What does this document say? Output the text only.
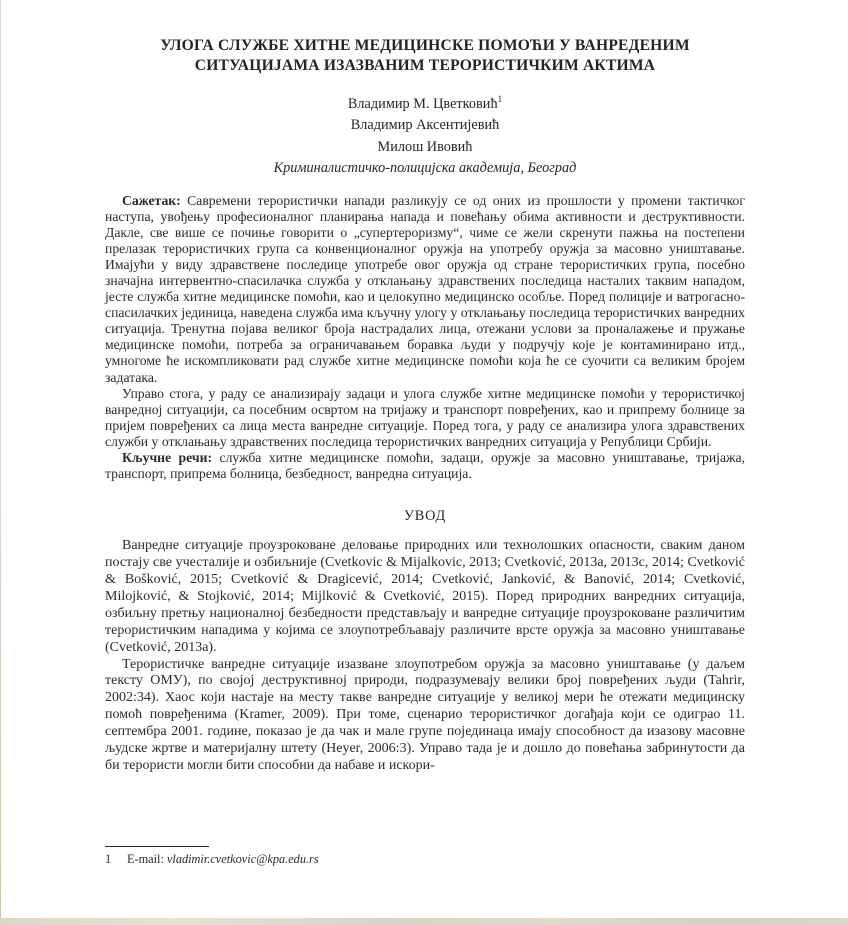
УЛОГА СЛУЖБЕ ХИТНЕ МЕДИЦИНСКЕ ПОМОЋИ У ВАНРЕДЕНИМ
СИТУАЦИЈАМА ИЗАЗВАНИМ ТЕРОРИСТИЧКИМ АКТИМА
Владимир М. Цветковић$^1$
Владимир Аксентијевић
Милош Ивовић
Криминалистичко-полицијска академија, Београд

Сажетак: Савремени терористички напади разликују се од оних из прошлости у промени тактичког наступа, увођењу професионалног планирања напада и повећању обима активности и деструктивности. Дакле, све више се почиње говорити о „супертероризму“, чиме се жели скренути пажња на постепени прелазак терористичких група са конвенционалног оружја на употребу оружја за масовно уништавање. Имајући у виду здравствене последице употребе овог оружја од стране терористичких група, посебно значајна интервентно-спасилачка служба у отклањању здравствених последица насталих таквим нападом, јесте служба хитне медицинске помоћи, као и целокупно медицинско особље. Поред полиције и ватрогасно-спасилачких јединица, наведена служба има кључну улогу у отклањању последица терористичких ванредних ситуација. Тренутна појава великог броја настрадалих лица, отежани услови за проналажење и пружање медицинске помоћи, потреба за ограничавањем боравка људи у подручју које је контаминирано итд., умногоме ће искомпликовати рад службе хитне медицинске помоћи која ће се суочити са великим бројем задатака.

Управо стога, у раду се анализирају задаци и улога службе хитне медицинске помоћи у терористичкој ванредној ситуацији, са посебним освртом на тријажу и транспорт повређених, као и припрему болнице за пријем повређених са лица места ванредне ситуације. Поред тога, у раду се анализира улога здравствених служби у отклањању здравствених последица терористичких ванредних ситуација у Републици Србији.

Кључне речи: служба хитне медицинске помоћи, задаци, оружје за масовно уништавање, тријажа, транспорт, припрема болница, безбедност, ванредна ситуација.

УВОД

Ванредне ситуације проузроковане деловање природних или технолошких опасности, сваким даном постају све учесталије и озбиљније (Cvetkovic & Mijalkovic, 2013; Cvetković, 2013a, 2013c, 2014; Cvetković & Bošković, 2015; Cvetković & Dragicević, 2014; Cvetković, Janković, & Banović, 2014; Cvetković, Milojković, & Stojković, 2014; Mijlković & Cvetković, 2015). Поред природних ванредних ситуација, озбиљну претњу националној безбедности представљају и ванредне ситуације проузроковане различитим терористичким нападима у којима се злоупотребљавају различите врсте оружја за масовно уништавање (Cvetković, 2013a).

Терористичке ванредне ситуације изазване злоупотребом оружја за масовно уништавање (у даљем тексту ОМУ), по својој деструктивној природи, подразумевају велики број повређених људи (Tahrir, 2002:34). Хаос који настаје на месту такве ванредне ситуације у великој мери ће отежати медицинску помоћ повређенима (Kramer, 2009). При томе, сценарио терористичког догађаја који се одиграо 11. септембра 2001. године, показао је да чак и мале групе појединаца имају способност да изазову масовне људске жртве и материјалну штету (Heyer, 2006:3). Управо тада је и дошло до повећања забринутости да би терористи могли бити способни да набаве и искори-

1 E-mail: vladimir.cvetkovic@kpa.edu.rs
